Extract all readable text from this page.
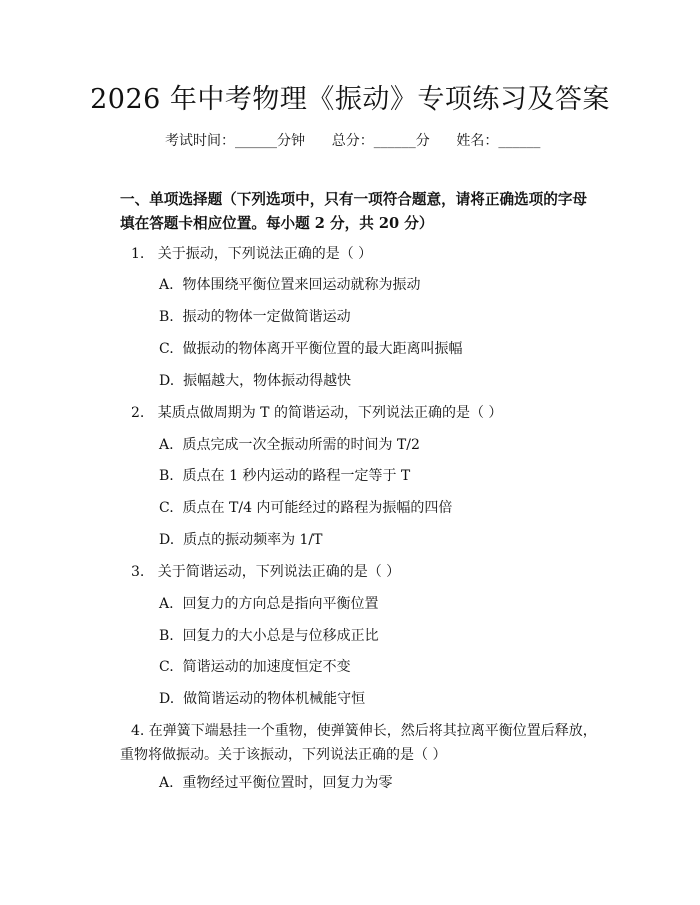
2026 年中考物理《振动》专项练习及答案
考试时间：______分钟      总分：______分      姓名：______
一、单项选择题（下列选项中，只有一项符合题意，请将正确选项的字母填在答题卡相应位置。每小题 2 分，共 20 分）
1.   关于振动，下列说法正确的是（ ）
A.  物体围绕平衡位置来回运动就称为振动
B.  振动的物体一定做简谐运动
C.  做振动的物体离开平衡位置的最大距离叫振幅
D.  振幅越大，物体振动得越快
2.   某质点做周期为 T 的简谐运动，下列说法正确的是（ ）
A.  质点完成一次全振动所需的时间为 T/2
B.  质点在 1 秒内运动的路程一定等于 T
C.  质点在 T/4 内可能经过的路程为振幅的四倍
D.  质点的振动频率为 1/T
3.   关于简谐运动，下列说法正确的是（ ）
A.  回复力的方向总是指向平衡位置
B.  回复力的大小总是与位移成正比
C.  简谐运动的加速度恒定不变
D.  做简谐运动的物体机械能守恒
4. 在弹簧下端悬挂一个重物，使弹簧伸长，然后将其拉离平衡位置后释放，重物将做振动。关于该振动，下列说法正确的是（ ）
A.  重物经过平衡位置时，回复力为零
